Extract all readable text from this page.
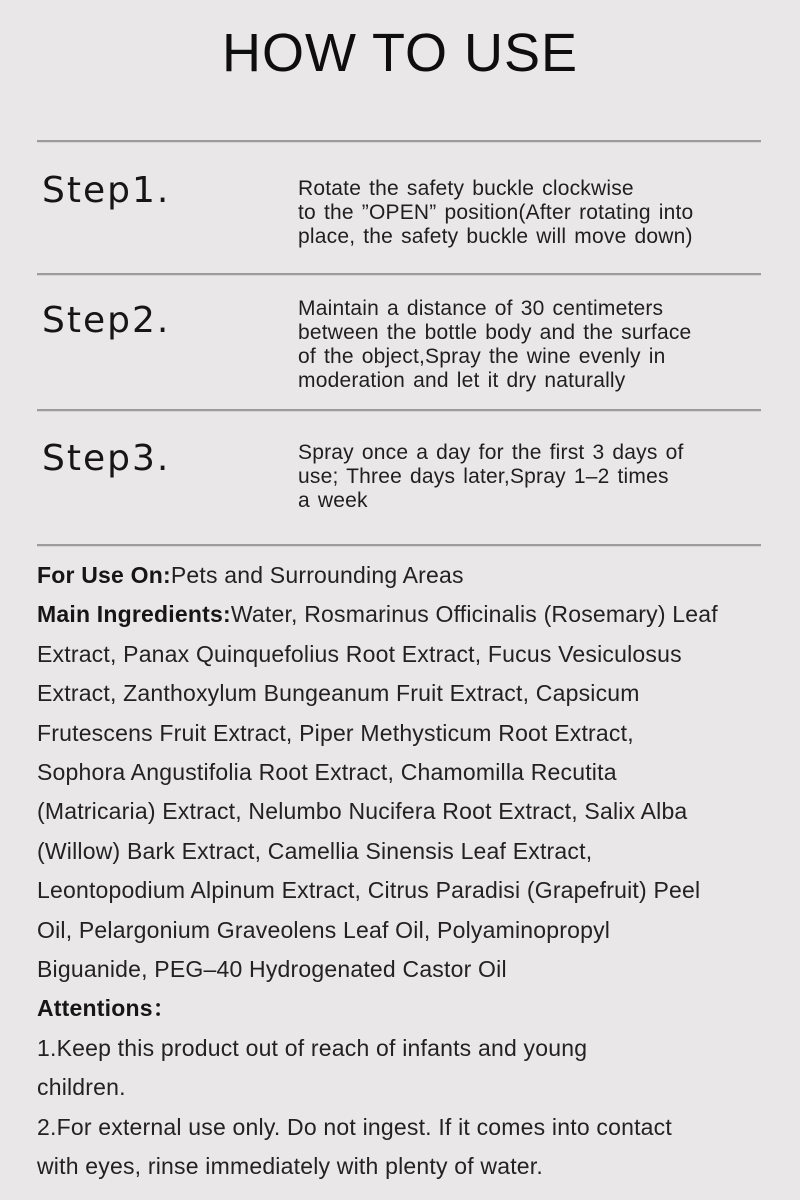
HOW TO USE
Step1.	Rotate the safety buckle clockwise
to the ”OPEN” position(After rotating into
place, the safety buckle will move down)
Step2.	Maintain a distance of 30 centimeters
between the bottle body and the surface
of the object,Spray the wine evenly in
moderation and let it dry naturally
Step3.	Spray once a day for the first 3 days of
use; Three days later,Spray 1–2 times
a week
For Use On:Pets and Surrounding Areas
Main Ingredients:Water, Rosmarinus Officinalis (Rosemary) Leaf
Extract, Panax Quinquefolius Root Extract, Fucus Vesiculosus
Extract, Zanthoxylum Bungeanum Fruit Extract, Capsicum
Frutescens Fruit Extract, Piper Methysticum Root Extract,
Sophora Angustifolia Root Extract, Chamomilla Recutita
(Matricaria) Extract, Nelumbo Nucifera Root Extract, Salix Alba
(Willow) Bark Extract, Camellia Sinensis Leaf Extract,
Leontopodium Alpinum Extract, Citrus Paradisi (Grapefruit) Peel
Oil, Pelargonium Graveolens Leaf Oil, Polyaminopropyl
Biguanide, PEG–40 Hydrogenated Castor Oil
Attentions：
1.Keep this product out of reach of infants and young
children.
2.For external use only. Do not ingest. If it comes into contact
with eyes, rinse immediately with plenty of water.
